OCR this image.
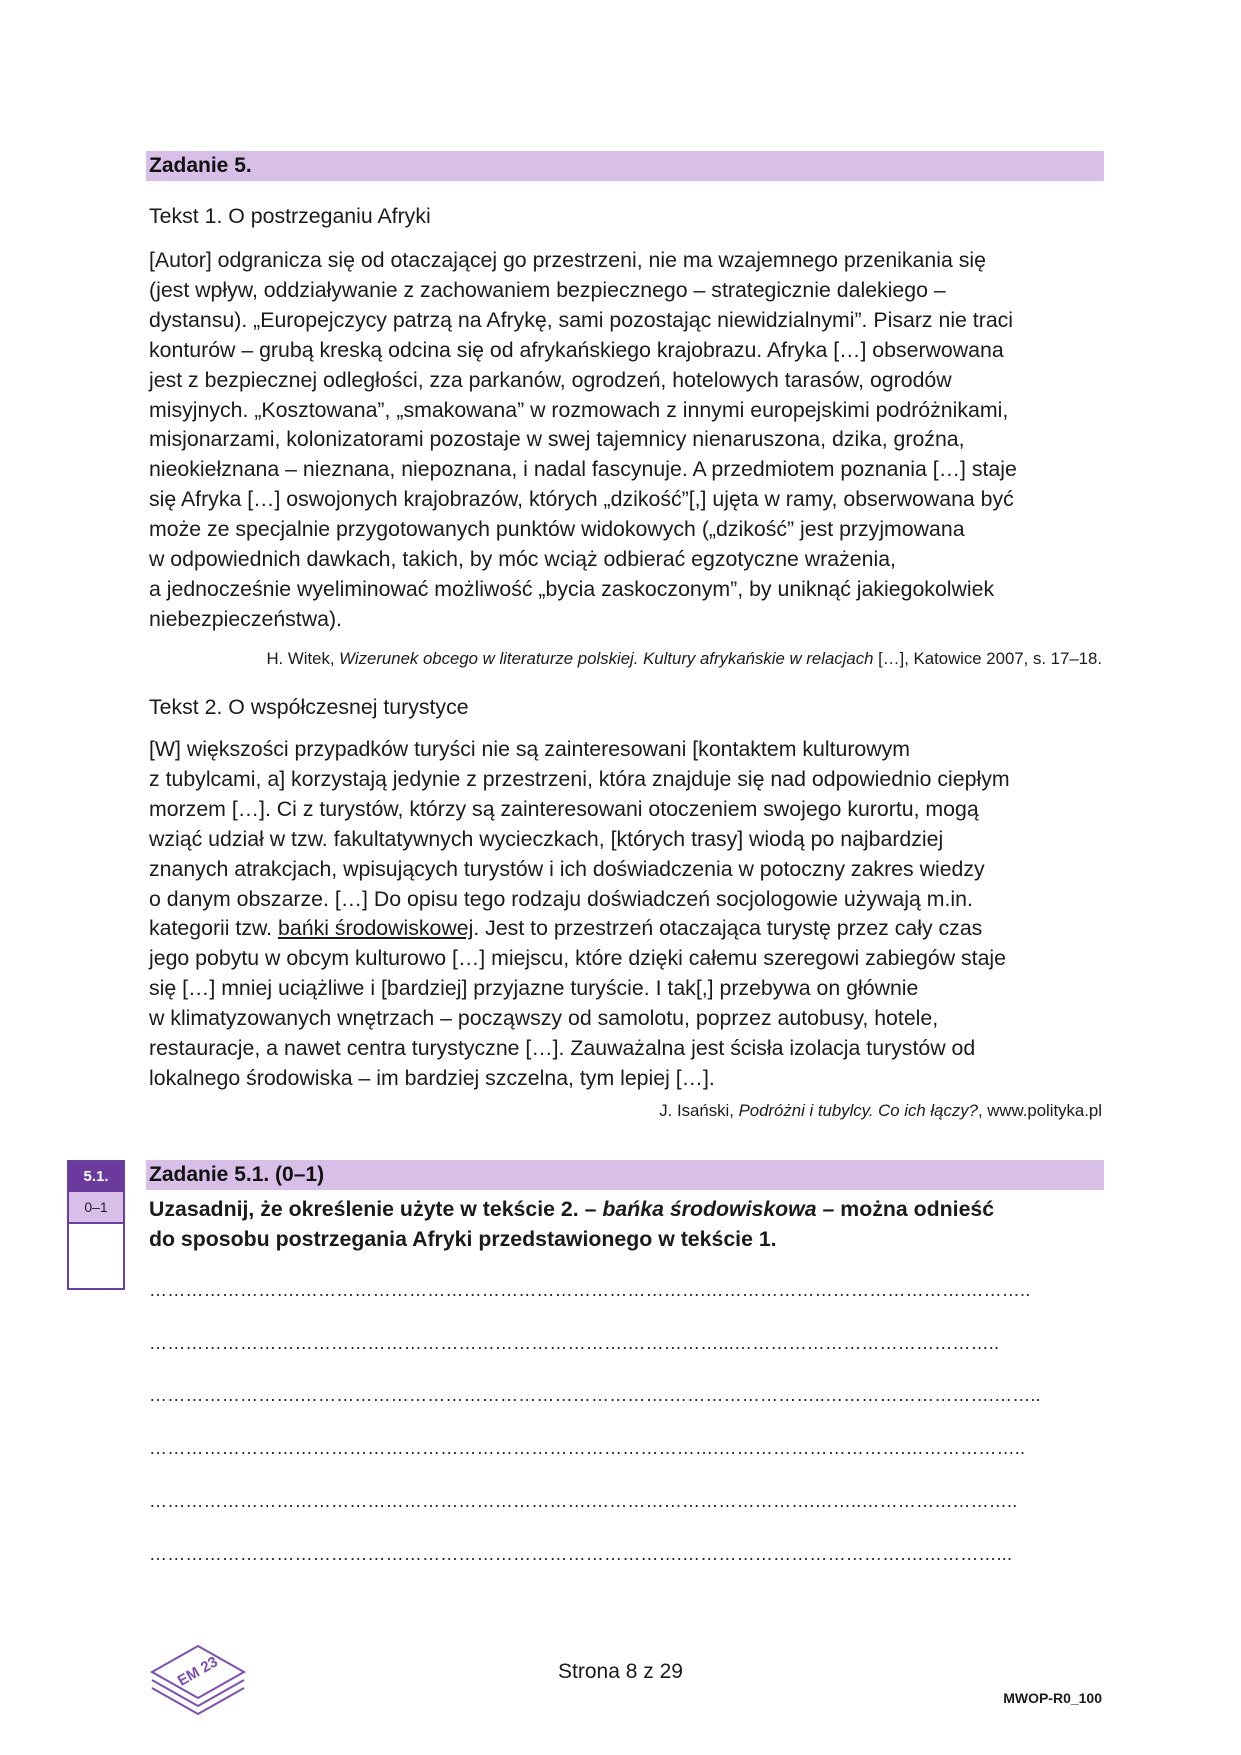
Zadanie 5.
Tekst 1. O postrzeganiu Afryki
[Autor] odgranicza się od otaczającej go przestrzeni, nie ma wzajemnego przenikania się
(jest wpływ, oddziaływanie z zachowaniem bezpiecznego – strategicznie dalekiego –
dystansu). „Europejczycy patrzą na Afrykę, sami pozostając niewidzialnymi”. Pisarz nie traci
konturów – grubą kreską odcina się od afrykańskiego krajobrazu. Afryka […] obserwowana
jest z bezpiecznej odległości, zza parkanów, ogrodzeń, hotelowych tarasów, ogrodów
misyjnych. „Kosztowana”, „smakowana” w rozmowach z innymi europejskimi podróżnikami,
misjonarzami, kolonizatorami pozostaje w swej tajemnicy nienaruszona, dzika, groźna,
nieokiełznana – nieznana, niepoznana, i nadal fascynuje. A przedmiotem poznania […] staje
się Afryka […] oswojonych krajobrazów, których „dzikość”[,] ujęta w ramy, obserwowana być
może ze specjalnie przygotowanych punktów widokowych („dzikość” jest przyjmowana
w odpowiednich dawkach, takich, by móc wciąż odbierać egzotyczne wrażenia,
a jednocześnie wyeliminować możliwość „bycia zaskoczonym”, by uniknąć jakiegokolwiek
niebezpieczeństwa).
H. Witek, Wizerunek obcego w literaturze polskiej. Kultury afrykańskie w relacjach […], Katowice 2007, s. 17–18.
Tekst 2. O współczesnej turystyce
[W] większości przypadków turyści nie są zainteresowani [kontaktem kulturowym
z tubylcami, a] korzystają jedynie z przestrzeni, która znajduje się nad odpowiednio ciepłym
morzem […]. Ci z turystów, którzy są zainteresowani otoczeniem swojego kurortu, mogą
wziąć udział w tzw. fakultatywnych wycieczkach, [których trasy] wiodą po najbardziej
znanych atrakcjach, wpisujących turystów i ich doświadczenia w potoczny zakres wiedzy
o danym obszarze. […] Do opisu tego rodzaju doświadczeń socjologowie używają m.in.
kategorii tzw. bańki środowiskowej. Jest to przestrzeń otaczająca turystę przez cały czas
jego pobytu w obcym kulturowo […] miejscu, które dzięki całemu szeregowi zabiegów staje
się […] mniej uciążliwe i [bardziej] przyjazne turyście. I tak[,] przebywa on głównie
w klimatyzowanych wnętrzach – począwszy od samolotu, poprzez autobusy, hotele,
restauracje, a nawet centra turystyczne […]. Zauważalna jest ścisła izolacja turystów od
lokalnego środowiska – im bardziej szczelna, tym lepiej […].
J. Isański, Podróżni i tubylcy. Co ich łączy?, www.polityka.pl
5.1.
0–1
Zadanie 5.1. (0–1)
Uzasadnij, że określenie użyte w tekście 2. – bańka środowiskowa – można odnieść
do sposobu postrzegania Afryki przedstawionego w tekście 1.
…………………….………………………………………………………….…………………………………….………..
…………………………………………………………………….……………...……………………………………..
…………………….…………………………………………………….……………………..……………………….……..
………………………………………………………………………………….………………………….………………..
……………………………………………………………….……………………………….……..……………………..
…………………………………………………………………………….……………………………….……………...
EM 23	Strona 8 z 29
MWOP-R0_100
